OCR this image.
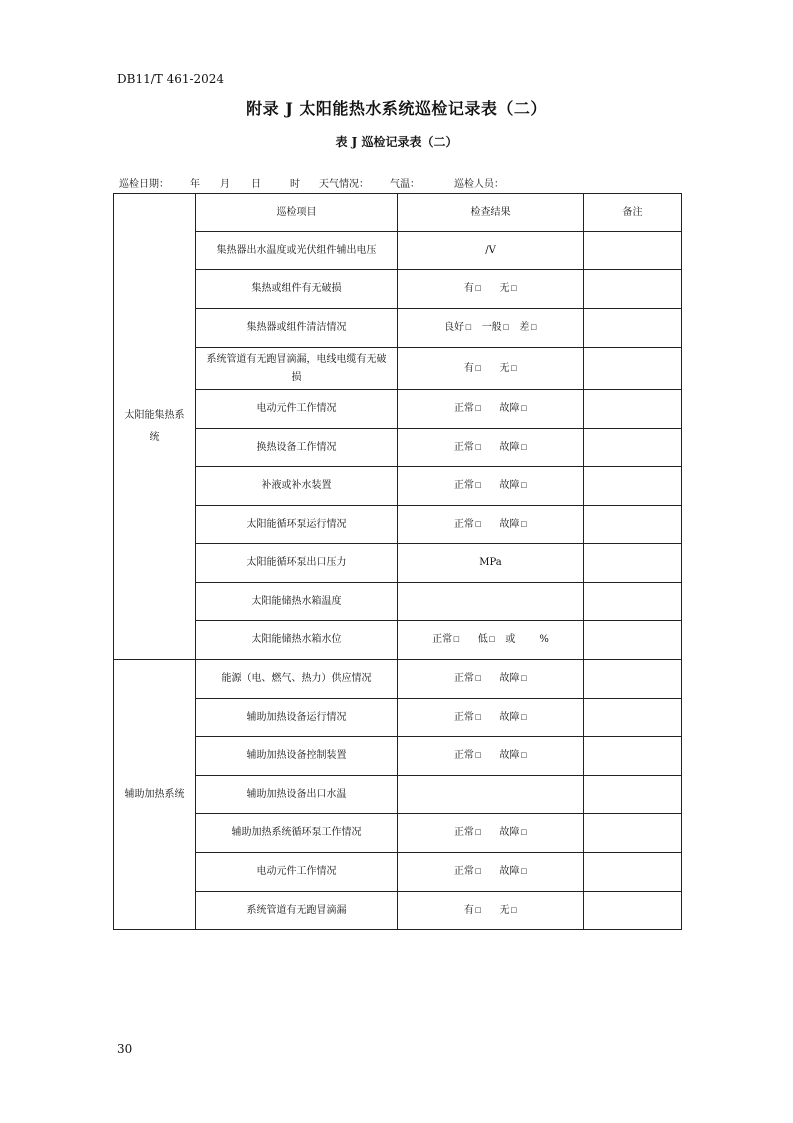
DB11/T 461-2024
附录 J 太阳能热水系统巡检记录表（二）
表 J 巡检记录表（二）
巡检日期： 年 月 日	时 天气情况： 气温：	巡检人员：
太阳能集热系统	巡检项目	检查结果	备注
	集热器出水温度或光伏组件辅出电压	/V	
	集热或组件有无破损	有□ 无□	
	集热器或组件清洁情况	良好□ 一般□ 差□	
	系统管道有无跑冒滴漏，电线电缆有无破损	有□ 无□	
	电动元件工作情况	正常□ 故障□	
	换热设备工作情况	正常□ 故障□	
	补液或补水装置	正常□ 故障□	
	太阳能循环泵运行情况	正常□ 故障□	
	太阳能循环泵出口压力	MPa	
	太阳能储热水箱温度		
	太阳能储热水箱水位	正常□ 低□ 或 %	
辅助加热系统	能源（电、燃气、热力）供应情况	正常□ 故障□	
	辅助加热设备运行情况	正常□ 故障□	
	辅助加热设备控制装置	正常□ 故障□	
	辅助加热设备出口水温		
	辅助加热系统循环泵工作情况	正常□ 故障□	
	电动元件工作情况	正常□ 故障□	
	系统管道有无跑冒滴漏	有□ 无□	
30
